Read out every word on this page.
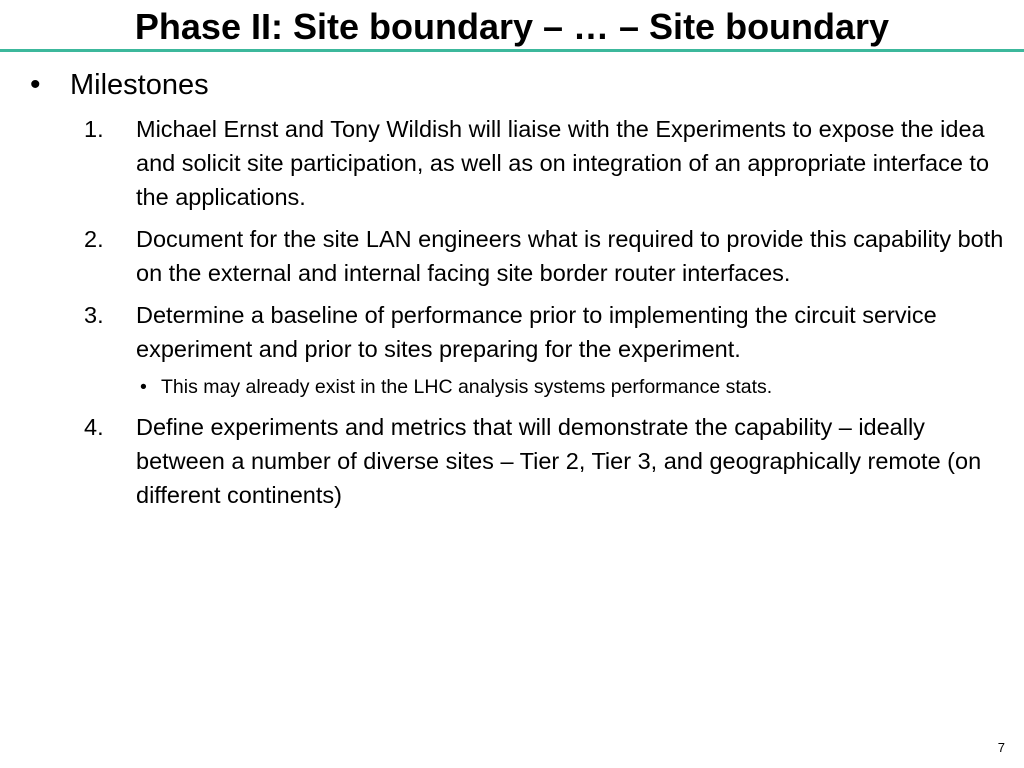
Phase II: Site boundary – … – Site boundary
• Milestones
1. Michael Ernst and Tony Wildish will liaise with the Experiments to expose the idea and solicit site participation, as well as on integration of an appropriate interface to the applications.
2. Document for the site LAN engineers what is required to provide this capability both on the external and internal facing site border router interfaces.
3. Determine a baseline of performance prior to implementing the circuit service experiment and prior to sites preparing for the experiment.
• This may already exist in the LHC analysis systems performance stats.
4. Define experiments and metrics that will demonstrate the capability – ideally between a number of diverse sites – Tier 2, Tier 3, and geographically remote (on different continents)
7
